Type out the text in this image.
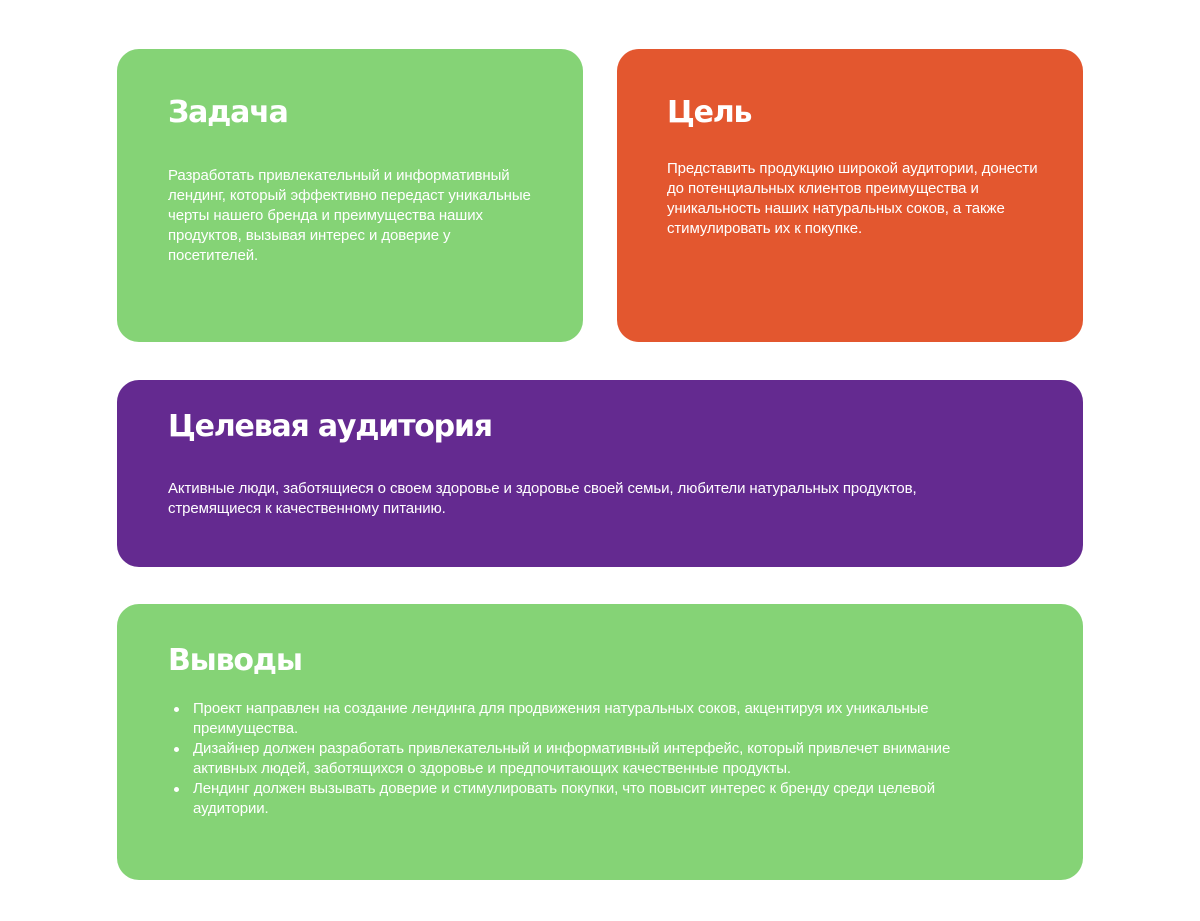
Задача

Разработать привлекательный и информативный лендинг, который эффективно передаст уникальные черты нашего бренда и преимущества наших продуктов, вызывая интерес и доверие у посетителей.

Цель

Представить продукцию широкой аудитории, донести до потенциальных клиентов преимущества и уникальность наших натуральных соков, а также стимулировать их к покупке.

Целевая аудитория

Активные люди, заботящиеся о своем здоровье и здоровье своей семьи, любители натуральных продуктов, стремящиеся к качественному питанию.

Выводы
Проект направлен на создание лендинга для продвижения натуральных соков, акцентируя их уникальные преимущества.
Дизайнер должен разработать привлекательный и информативный интерфейс, который привлечет внимание активных людей, заботящихся о здоровье и предпочитающих качественные продукты.
Лендинг должен вызывать доверие и стимулировать покупки, что повысит интерес к бренду среди целевой аудитории.
